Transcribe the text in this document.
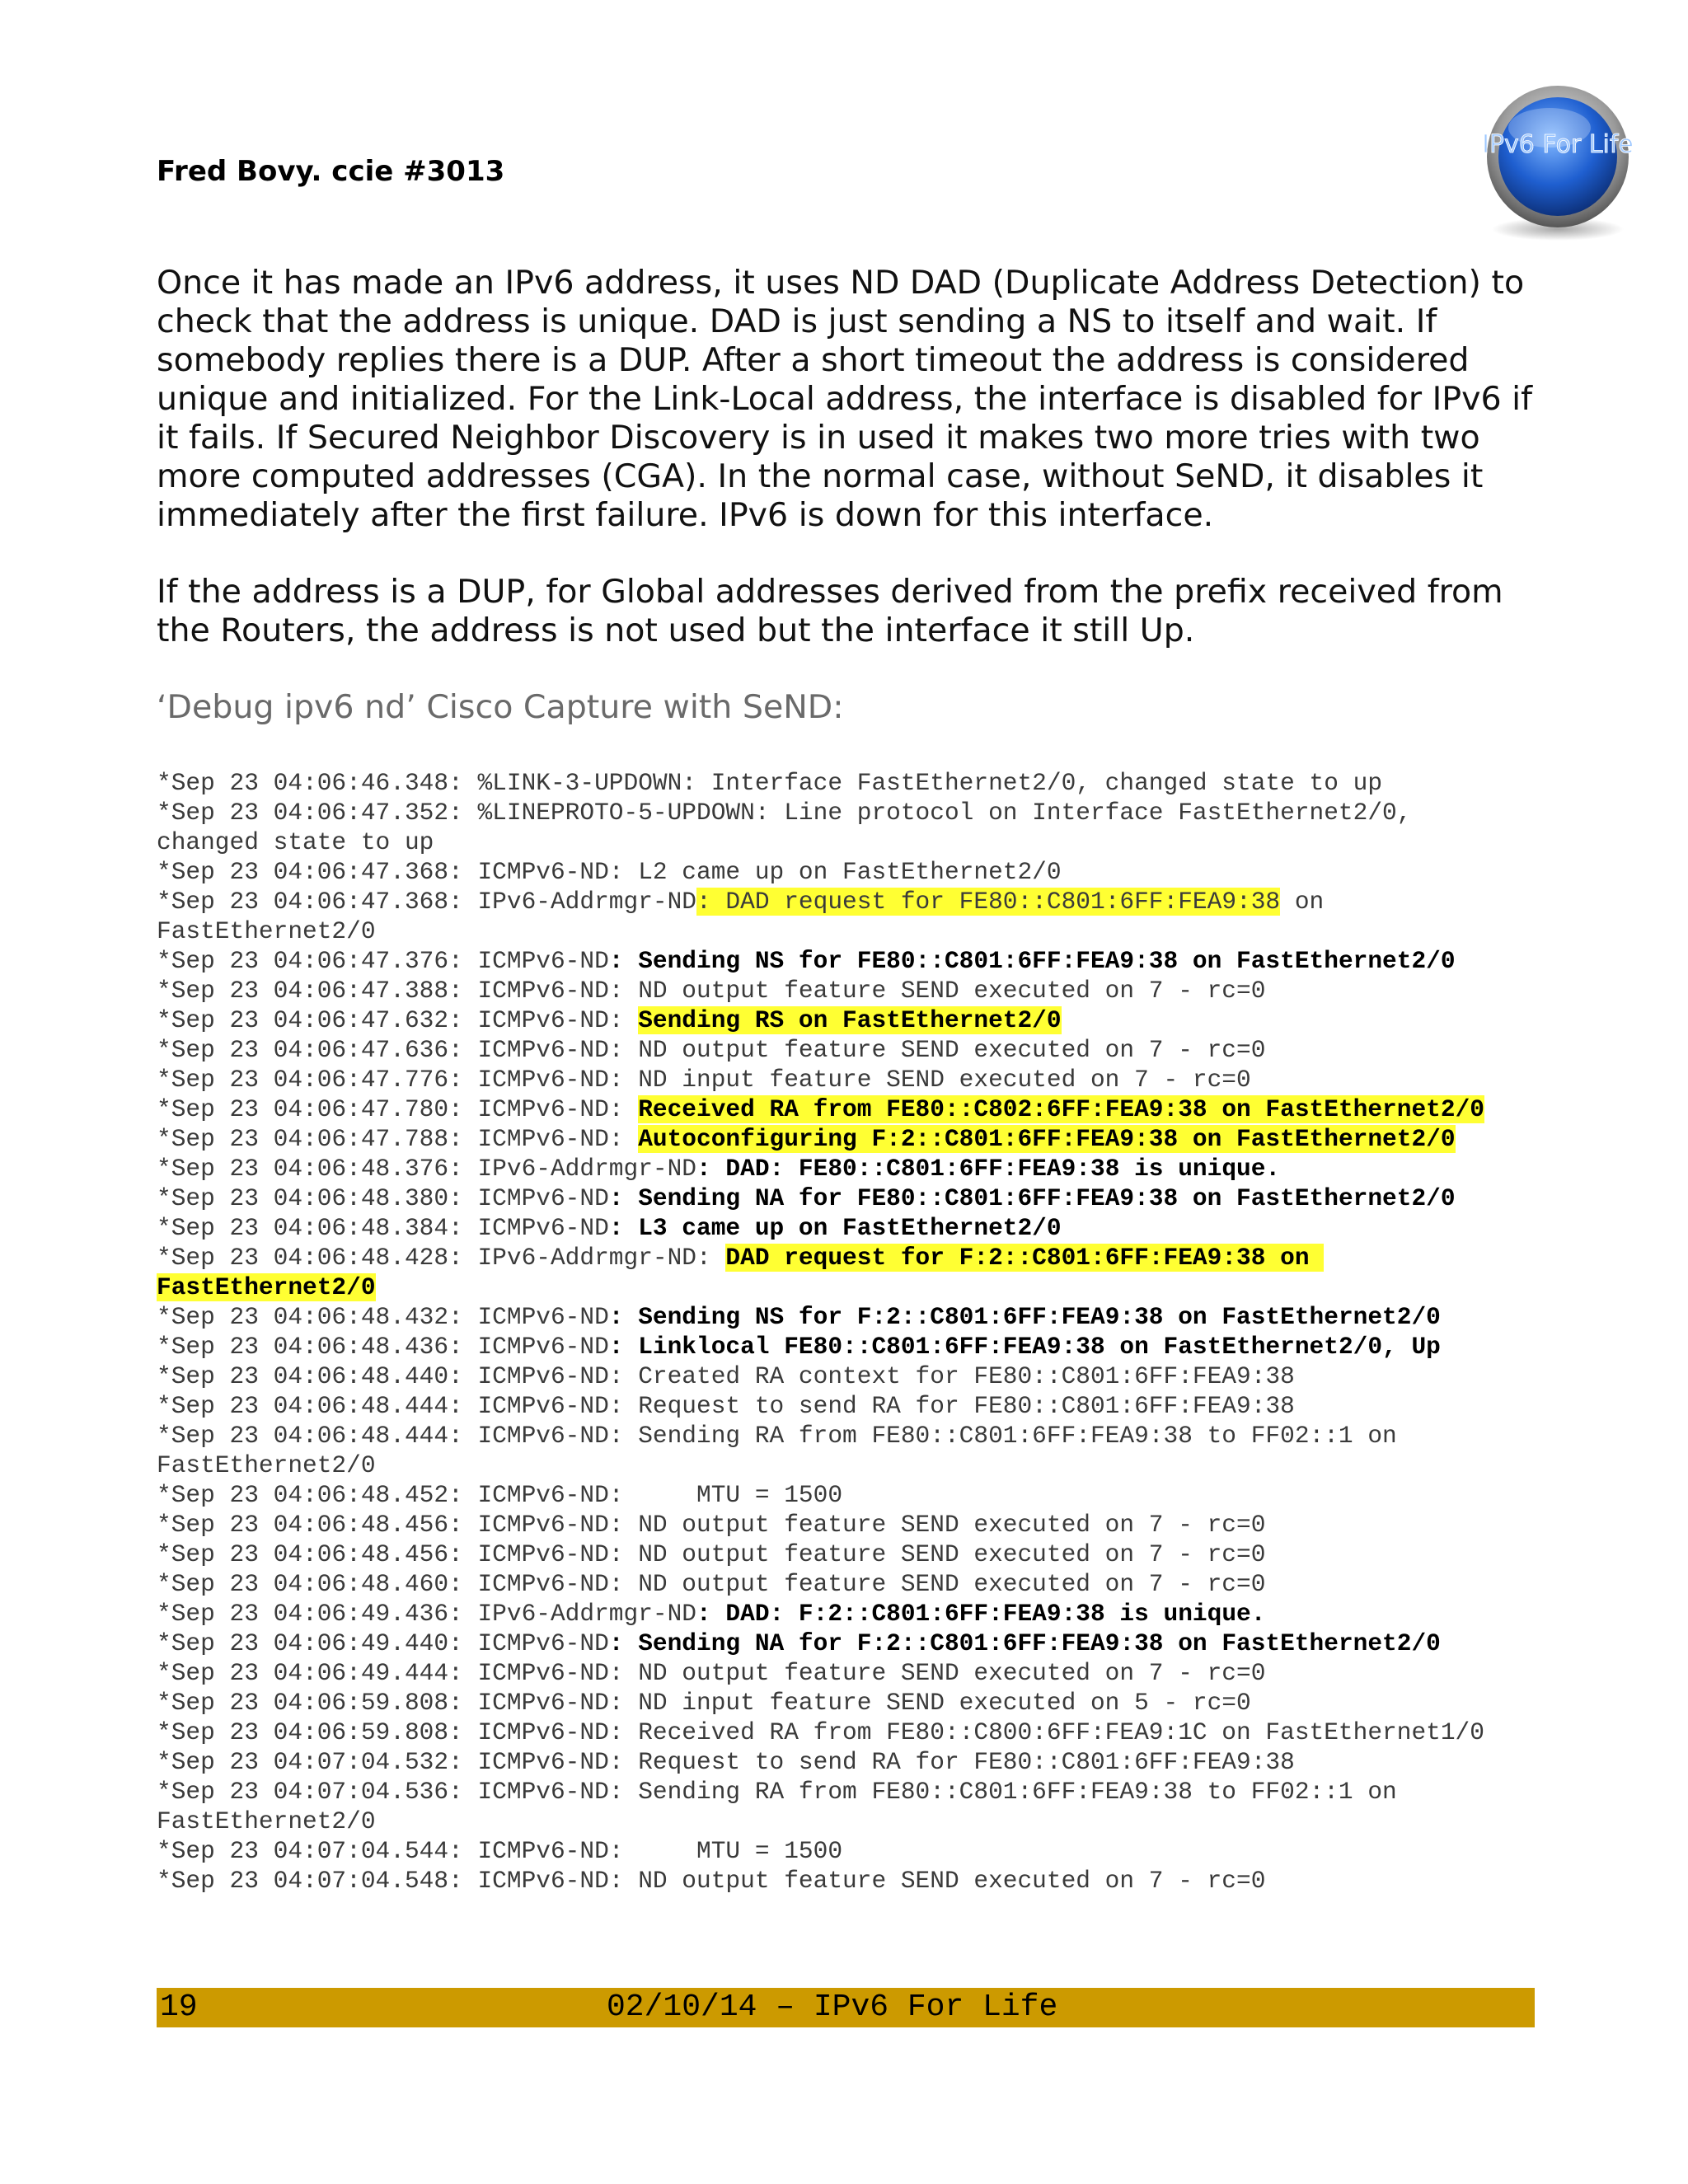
Fred Bovy. ccie #3013
IPv6 For Life

Once it has made an IPv6 address, it uses ND DAD (Duplicate Address Detection) to check that the address is unique. DAD is just sending a NS to itself and wait. If somebody replies there is a DUP. After a short timeout the address is considered unique and initialized. For the Link-Local address, the interface is disabled for IPv6 if it fails. If Secured Neighbor Discovery is in used it makes two more tries with two more computed addresses (CGA). In the normal case, without SeND, it disables it immediately after the first failure. IPv6 is down for this interface.

If the address is a DUP, for Global addresses derived from the prefix received from the Routers, the address is not used but the interface it still Up.

‘Debug ipv6 nd’ Cisco Capture with SeND:
*Sep 23 04:06:46.348: %LINK-3-UPDOWN: Interface FastEthernet2/0, changed state to up
*Sep 23 04:06:47.352: %LINEPROTO-5-UPDOWN: Line protocol on Interface FastEthernet2/0,
changed state to up
*Sep 23 04:06:47.368: ICMPv6-ND: L2 came up on FastEthernet2/0
*Sep 23 04:06:47.368: IPv6-Addrmgr-ND: DAD request for FE80::C801:6FF:FEA9:38 on
FastEthernet2/0
*Sep 23 04:06:47.376: ICMPv6-ND: Sending NS for FE80::C801:6FF:FEA9:38 on FastEthernet2/0
*Sep 23 04:06:47.388: ICMPv6-ND: ND output feature SEND executed on 7 - rc=0
*Sep 23 04:06:47.632: ICMPv6-ND: Sending RS on FastEthernet2/0
*Sep 23 04:06:47.636: ICMPv6-ND: ND output feature SEND executed on 7 - rc=0
*Sep 23 04:06:47.776: ICMPv6-ND: ND input feature SEND executed on 7 - rc=0
*Sep 23 04:06:47.780: ICMPv6-ND: Received RA from FE80::C802:6FF:FEA9:38 on FastEthernet2/0
*Sep 23 04:06:47.788: ICMPv6-ND: Autoconfiguring F:2::C801:6FF:FEA9:38 on FastEthernet2/0
*Sep 23 04:06:48.376: IPv6-Addrmgr-ND: DAD: FE80::C801:6FF:FEA9:38 is unique.
*Sep 23 04:06:48.380: ICMPv6-ND: Sending NA for FE80::C801:6FF:FEA9:38 on FastEthernet2/0
*Sep 23 04:06:48.384: ICMPv6-ND: L3 came up on FastEthernet2/0
*Sep 23 04:06:48.428: IPv6-Addrmgr-ND: DAD request for F:2::C801:6FF:FEA9:38 on
FastEthernet2/0
*Sep 23 04:06:48.432: ICMPv6-ND: Sending NS for F:2::C801:6FF:FEA9:38 on FastEthernet2/0
*Sep 23 04:06:48.436: ICMPv6-ND: Linklocal FE80::C801:6FF:FEA9:38 on FastEthernet2/0, Up
*Sep 23 04:06:48.440: ICMPv6-ND: Created RA context for FE80::C801:6FF:FEA9:38
*Sep 23 04:06:48.444: ICMPv6-ND: Request to send RA for FE80::C801:6FF:FEA9:38
*Sep 23 04:06:48.444: ICMPv6-ND: Sending RA from FE80::C801:6FF:FEA9:38 to FF02::1 on
FastEthernet2/0
*Sep 23 04:06:48.452: ICMPv6-ND:     MTU = 1500
*Sep 23 04:06:48.456: ICMPv6-ND: ND output feature SEND executed on 7 - rc=0
*Sep 23 04:06:48.456: ICMPv6-ND: ND output feature SEND executed on 7 - rc=0
*Sep 23 04:06:48.460: ICMPv6-ND: ND output feature SEND executed on 7 - rc=0
*Sep 23 04:06:49.436: IPv6-Addrmgr-ND: DAD: F:2::C801:6FF:FEA9:38 is unique.
*Sep 23 04:06:49.440: ICMPv6-ND: Sending NA for F:2::C801:6FF:FEA9:38 on FastEthernet2/0
*Sep 23 04:06:49.444: ICMPv6-ND: ND output feature SEND executed on 7 - rc=0
*Sep 23 04:06:59.808: ICMPv6-ND: ND input feature SEND executed on 5 - rc=0
*Sep 23 04:06:59.808: ICMPv6-ND: Received RA from FE80::C800:6FF:FEA9:1C on FastEthernet1/0
*Sep 23 04:07:04.532: ICMPv6-ND: Request to send RA for FE80::C801:6FF:FEA9:38
*Sep 23 04:07:04.536: ICMPv6-ND: Sending RA from FE80::C801:6FF:FEA9:38 to FF02::1 on
FastEthernet2/0
*Sep 23 04:07:04.544: ICMPv6-ND:     MTU = 1500
*Sep 23 04:07:04.548: ICMPv6-ND: ND output feature SEND executed on 7 - rc=0
19	02/10/14 – IPv6 For Life
